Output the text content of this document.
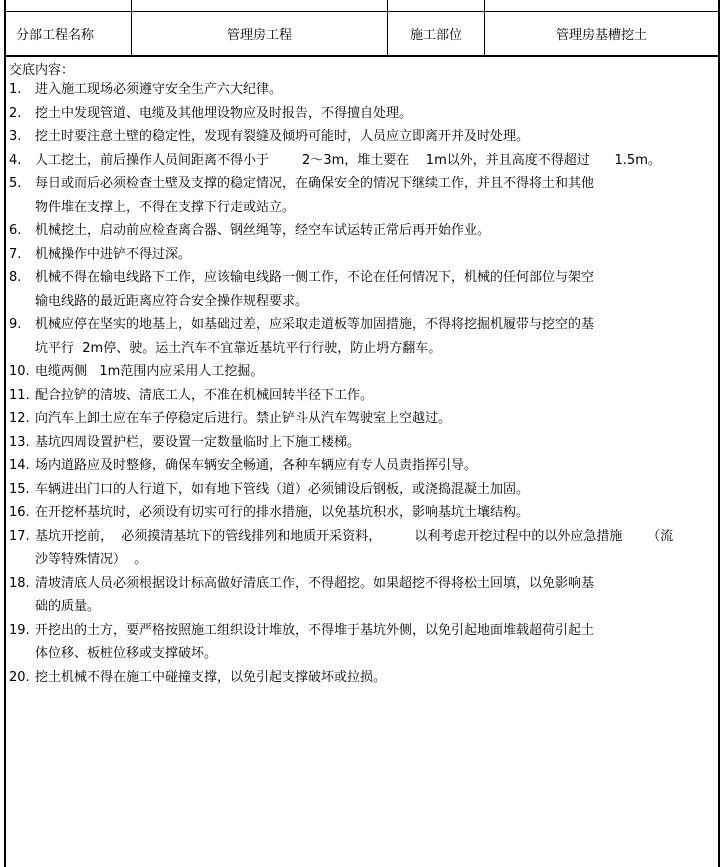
分部工程名称	管理房工程	施工部位	管理房基槽挖土
交底内容：
1. 进入施工现场必须遵守安全生产六大纪律。
2. 挖土中发现管道、电缆及其他埋设物应及时报告，不得擅自处理。
3. 挖土时要注意土壁的稳定性，发现有裂缝及倾坍可能时，人员应立即离开并及时处理。
4. 人工挖土，前后操作人员间距离不得小于        2～3m，堆土要在    1m以外，并且高度不得超过      1.5m。
5. 每日或而后必须检查土壁及支撑的稳定情况，在确保安全的情况下继续工作，并且不得将土和其他
物件堆在支撑上，不得在支撑下行走或站立。
6. 机械挖土，启动前应检查离合器、钢丝绳等，经空车试运转正常后再开始作业。
7. 机械操作中进铲不得过深。
8. 机械不得在输电线路下工作，应该输电线路一侧工作，不论在任何情况下，机械的任何部位与架空
输电线路的最近距离应符合安全操作规程要求。
9. 机械应停在坚实的地基上，如基础过差，应采取走道板等加固措施，不得将挖掘机履带与挖空的基
坑平行  2m停、驶。运土汽车不宜靠近基坑平行行驶，防止坍方翻车。
10. 电缆两侧   1m范围内应采用人工挖掘。
11. 配合拉铲的清坡、清底工人，不准在机械回转半径下工作。
12. 向汽车上卸土应在车子停稳定后进行。禁止铲斗从汽车驾驶室上空越过。
13. 基坑四周设置护栏，要设置一定数量临时上下施工楼梯。
14. 场内道路应及时整修，确保车辆安全畅通，各种车辆应有专人员责指挥引导。
15. 车辆进出门口的人行道下，如有地下管线（道）必须铺设后钢板，或浇捣混凝土加固。
16. 在开挖杯基坑时，必须设有切实可行的排水措施，以免基坑积水，影响基坑土壤结构。
17. 基坑开挖前，  必须摸清基坑下的管线排列和地质开采资料，        以利考虑开挖过程中的以外应急措施      （流
沙等特殊情况）  。
18. 清坡清底人员必须根据设计标高做好清底工作，不得超挖。如果超挖不得将松土回填，以免影响基
础的质量。
19. 开挖出的土方，要严格按照施工组织设计堆放，不得堆于基坑外侧，以免引起地面堆载超荷引起土
体位移、板桩位移或支撑破坏。
20. 挖土机械不得在施工中碰撞支撑，以免引起支撑破坏或拉损。
